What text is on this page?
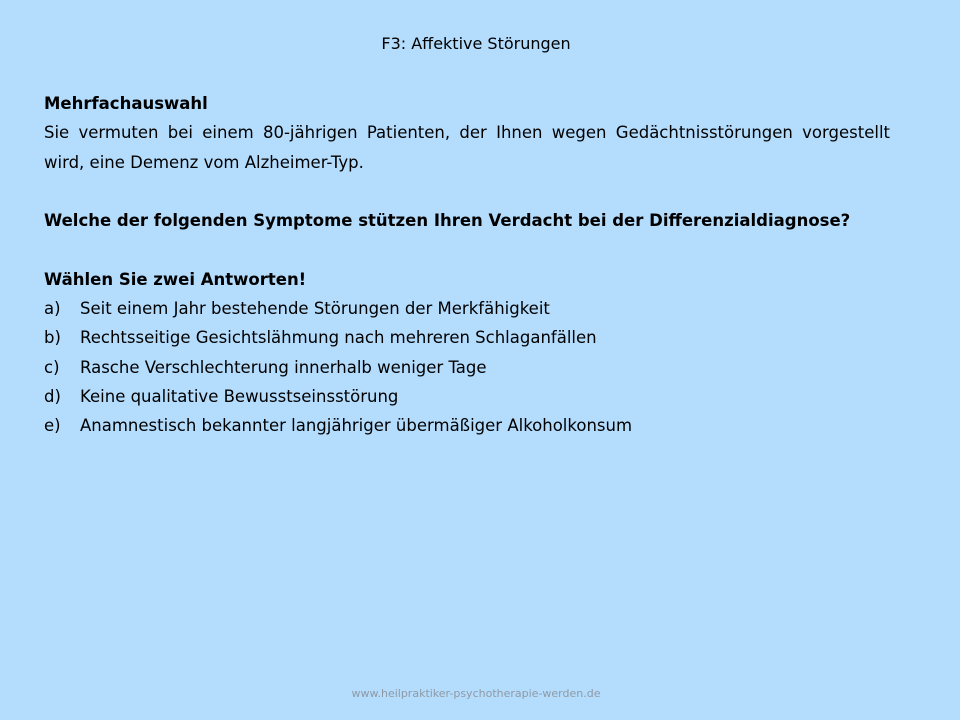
F3: Affektive Störungen

Mehrfachauswahl

Sie vermuten bei einem 80-jährigen Patienten, der Ihnen wegen Gedächtnisstörungen vorgestellt wird, eine Demenz vom Alzheimer-Typ.

Welche der folgenden Symptome stützen Ihren Verdacht bei der Differenzialdiagnose?

Wählen Sie zwei Antworten!

a)	Seit einem Jahr bestehende Störungen der Merkfähigkeit
b)	Rechtsseitige Gesichtslähmung nach mehreren Schlaganfällen
c)	Rasche Verschlechterung innerhalb weniger Tage
d)	Keine qualitative Bewusstseinsstörung
e)	Anamnestisch bekannter langjähriger übermäßiger Alkoholkonsum
www.heilpraktiker-psychotherapie-werden.de
